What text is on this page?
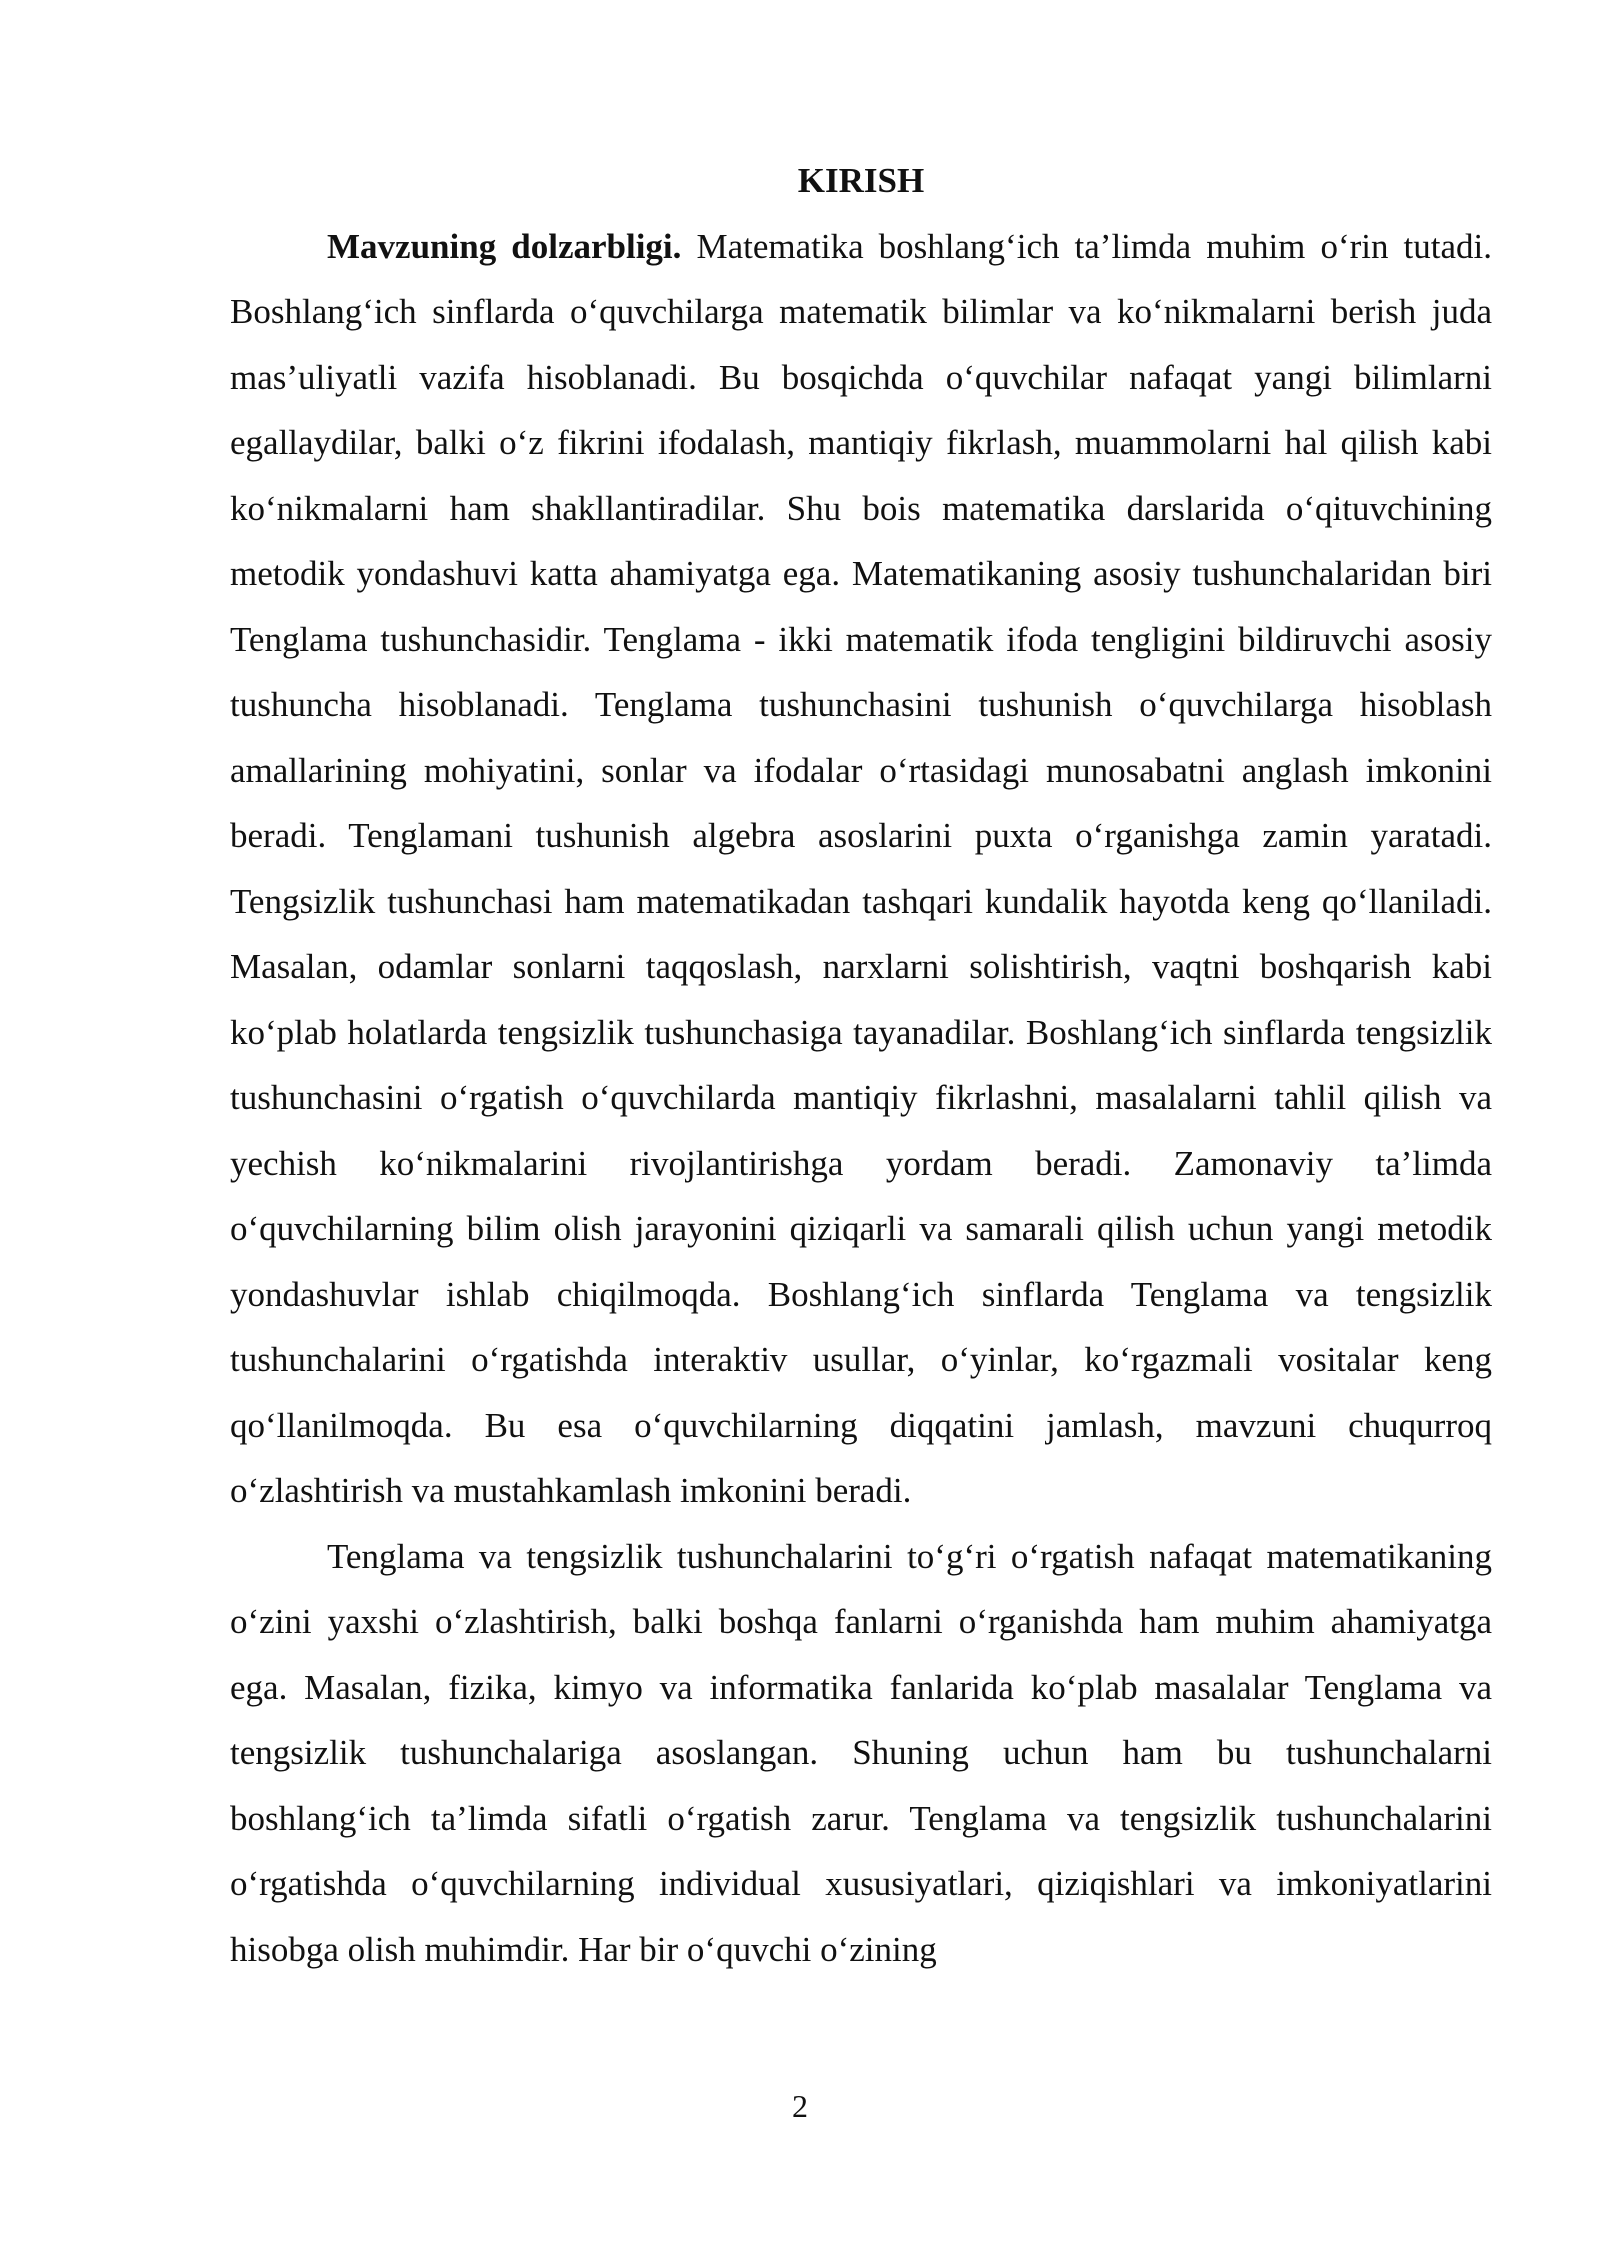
KIRISH

Mavzuning dolzarbligi. Matematika boshlang‘ich ta’limda muhim o‘rin tutadi. Boshlang‘ich sinflarda o‘quvchilarga matematik bilimlar va ko‘nikmalarni berish juda mas’uliyatli vazifa hisoblanadi. Bu bosqichda o‘quvchilar nafaqat yangi bilimlarni egallaydilar, balki o‘z fikrini ifodalash, mantiqiy fikrlash, muammolarni hal qilish kabi ko‘nikmalarni ham shakllantiradilar. Shu bois matematika darslarida o‘qituvchining metodik yondashuvi katta ahamiyatga ega. Matematikaning asosiy tushunchalaridan biri Tenglama tushunchasidir. Tenglama - ikki matematik ifoda tengligini bildiruvchi asosiy tushuncha hisoblanadi. Tenglama tushunchasini tushunish o‘quvchilarga hisoblash amallarining mohiyatini, sonlar va ifodalar o‘rtasidagi munosabatni anglash imkonini beradi. Tenglamani tushunish algebra asoslarini puxta o‘rganishga zamin yaratadi. Tengsizlik tushunchasi ham matematikadan tashqari kundalik hayotda keng qo‘llaniladi. Masalan, odamlar sonlarni taqqoslash, narxlarni solishtirish, vaqtni boshqarish kabi ko‘plab holatlarda tengsizlik tushunchasiga tayanadilar. Boshlang‘ich sinflarda tengsizlik tushunchasini o‘rgatish o‘quvchilarda mantiqiy fikrlashni, masalalarni tahlil qilish va yechish ko‘nikmalarini rivojlantirishga yordam beradi. Zamonaviy ta’limda o‘quvchilarning bilim olish jarayonini qiziqarli va samarali qilish uchun yangi metodik yondashuvlar ishlab chiqilmoqda. Boshlang‘ich sinflarda Tenglama va tengsizlik tushunchalarini o‘rgatishda interaktiv usullar, o‘yinlar, ko‘rgazmali vositalar keng qo‘llanilmoqda. Bu esa o‘quvchilarning diqqatini jamlash, mavzuni chuqurroq o‘zlashtirish va mustahkamlash imkonini beradi.

Tenglama va tengsizlik tushunchalarini to‘g‘ri o‘rgatish nafaqat matematikaning o‘zini yaxshi o‘zlashtirish, balki boshqa fanlarni o‘rganishda ham muhim ahamiyatga ega. Masalan, fizika, kimyo va informatika fanlarida ko‘plab masalalar Tenglama va tengsizlik tushunchalariga asoslangan. Shuning uchun ham bu tushunchalarni boshlang‘ich ta’limda sifatli o‘rgatish zarur. Tenglama va tengsizlik tushunchalarini o‘rgatishda o‘quvchilarning individual xususiyatlari, qiziqishlari va imkoniyatlarini hisobga olish muhimdir. Har bir o‘quvchi o‘zining

2
